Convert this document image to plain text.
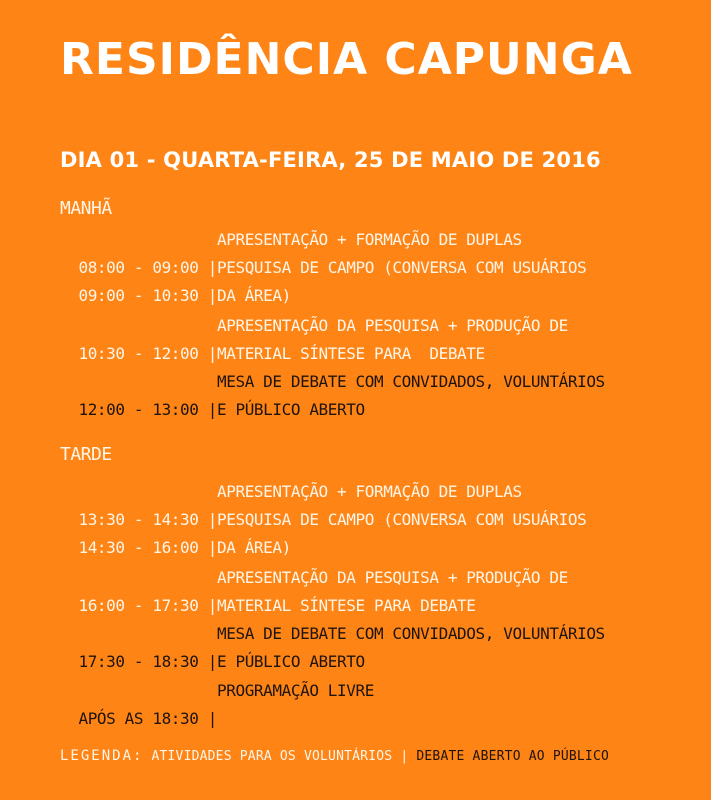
RESIDÊNCIA CAPUNGA
DIA 01 - QUARTA-FEIRA, 25 DE MAIO DE 2016
MANHÃ

08:00 - 09:00 |

APRESENTAÇÃO + FORMAÇÃO DE DUPLAS

09:00 - 10:30 |

PESQUISA DE CAMPO (CONVERSA COM USUÁRIOS
DA ÁREA)

10:30 - 12:00 |

APRESENTAÇÃO DA PESQUISA + PRODUÇÃO DE
MATERIAL SÍNTESE PARA  DEBATE

12:00 - 13:00 |

MESA DE DEBATE COM CONVIDADOS, VOLUNTÁRIOS
E PÚBLICO ABERTO

TARDE

13:30 - 14:30 |

APRESENTAÇÃO + FORMAÇÃO DE DUPLAS

14:30 - 16:00 |

PESQUISA DE CAMPO (CONVERSA COM USUÁRIOS
DA ÁREA)

16:00 - 17:30 |

APRESENTAÇÃO DA PESQUISA + PRODUÇÃO DE
MATERIAL SÍNTESE PARA DEBATE

17:30 - 18:30 |

MESA DE DEBATE COM CONVIDADOS, VOLUNTÁRIOS
E PÚBLICO ABERTO

APÓS AS 18:30 |

PROGRAMAÇÃO LIVRE

LEGENDA: ATIVIDADES PARA OS VOLUNTÁRIOS | DEBATE ABERTO AO PÚBLICO
